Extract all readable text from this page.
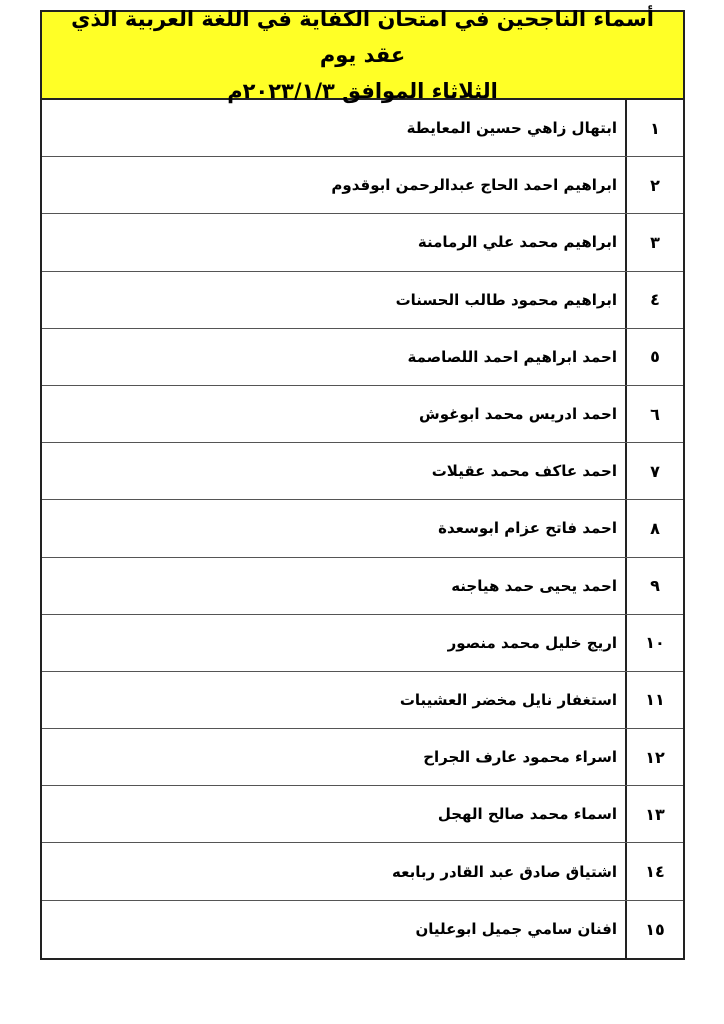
أسماء الناجحين في امتحان الكفاية في اللغة العربية الذي عقد يوم
الثلاثاء الموافق ٢٠٢٣/١/٣م
١
ابتهال زاهي حسين المعايطة
٢
ابراهيم احمد الحاج عبدالرحمن ابوقدوم
٣
ابراهيم محمد علي الرمامنة
٤
ابراهيم محمود طالب الحسنات
٥
احمد ابراهيم احمد اللصاصمة
٦
احمد ادريس محمد ابوغوش
٧
احمد عاكف محمد عقيلات
٨
احمد فاتح عزام ابوسعدة
٩
احمد يحيى حمد هياجنه
١٠
اريج خليل محمد منصور
١١
استغفار نايل مخضر العشيبات
١٢
اسراء محمود عارف الجراح
١٣
اسماء محمد صالح الهجل
١٤
اشتياق صادق عبد القادر ربابعه
١٥
افنان سامي جميل ابوعليان
